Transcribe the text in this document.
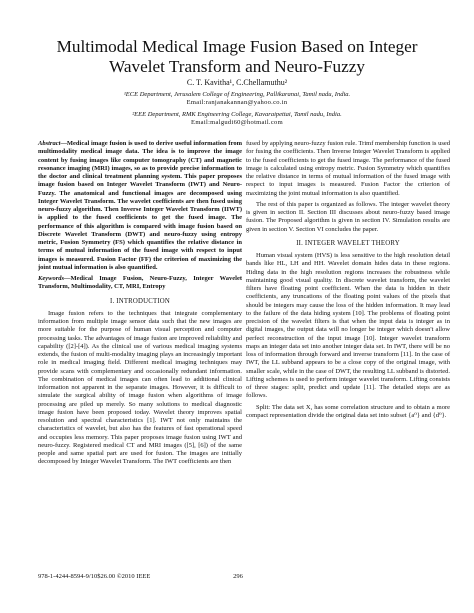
Multimodal Medical Image Fusion Based on Integer
Wavelet Transform and Neuro-Fuzzy
C. T. Kavitha¹, C.Chellamuthu²
¹ECE Department, Jerusalem College of Engineering, Pallikaranai, Tamil nadu, India.
Email:ranjanakannan@yahoo.co.in
²EEE Department, RMK Engineering College, Kavaraipettai, Tamil nadu, India.
Email:malgudi60@hotmail.com

Abstract—Medical image fusion is used to derive useful information from multimodality medical image data. The idea is to improve the image content by fusing images like computer tomography (CT) and magnetic resonance imaging (MRI) images, so as to provide precise information to the doctor and clinical treatment planning system. This paper proposes image fusion based on Integer Wavelet Transform (IWT) and Neuro-Fuzzy. The anatomical and functional images are decomposed using Integer Wavelet Transform. The wavelet coefficients are then fused using neuro-fuzzy algorithm. Then Inverse Integer Wavelet Transform (IIWT) is applied to the fused coefficients to get the fused image. The performance of this algorithm is compared with image fusion based on Discrete Wavelet Transform (DWT) and neuro-fuzzy using entropy metric, Fusion Symmetry (FS) which quantifies the relative distance in terms of mutual information of the fused image with respect to input images is measured. Fusion Factor (FF) the criterion of maximizing the joint mutual information is also quantified.

Keywords—Medical Image Fusion, Neuro-Fuzzy, Integer Wavelet Transform, Multimodality, CT, MRI, Entropy

I. INTRODUCTION

Image fusion refers to the techniques that integrate complementary information from multiple image sensor data such that the new images are more suitable for the purpose of human visual perception and computer processing tasks. The advantages of image fusion are improved reliability and capability ([2]-[4]). As the clinical use of various medical imaging systems extends, the fusion of multi-modality imaging plays an increasingly important role in medical imaging field. Different medical imaging techniques may provide scans with complementary and occasionally redundant information. The combination of medical images can often lead to additional clinical information not apparent in the separate images. However, it is difficult to simulate the surgical ability of image fusion when algorithms of image processing are piled up merely. So many solutions to medical diagnostic image fusion have been proposed today. Wavelet theory improves spatial resolution and spectral characteristics [1]. IWT not only maintains the characteristics of wavelet, but also has the features of fast operational speed and occupies less memory. This paper proposes image fusion using IWT and neuro-fuzzy. Registered medical CT and MRI images ([5], [6]) of the same people and same spatial part are used for fusion. The images are initially decomposed by Integer Wavelet Transform. The IWT coefficients are then

fused by applying neuro-fuzzy fusion rule. Trimf membership function is used for fusing the coefficients. Then Inverse Integer Wavelet Transform is applied to the fused coefficients to get the fused image. The performance of the fused image is calculated using entropy metric. Fusion Symmetry which quantifies the relative distance in terms of mutual information of the fused image with respect to input images is measured. Fusion Factor the criterion of maximizing the joint mutual information is also quantified.

The rest of this paper is organized as follows. The integer wavelet theory is given in section II. Section III discusses about neuro-fuzzy based image fusion. The Proposed algorithm is given in section IV. Simulation results are given in section V. Section VI concludes the paper.

II. INTEGER WAVELET THEORY

Human visual system (HVS) is less sensitive to the high resolution detail bands like HL, LH and HH. Wavelet domain hides data in these regions. Hiding data in the high resolution regions increases the robustness while maintaining good visual quality. In discrete wavelet transform, the wavelet filters have floating point coefficient. When the data is hidden in their coefficients, any truncations of the floating point values of the pixels that should be integers may cause the loss of the hidden information. It may lead to the failure of the data hiding system [10]. The problems of floating point precision of the wavelet filters is that when the input data is integer as in digital images, the output data will no longer be integer which doesn't allow perfect reconstruction of the input image [10]. Integer wavelet transform maps an integer data set into another integer data set. In IWT, there will be no loss of information through forward and inverse transform [11]. In the case of IWT, the LL subband appears to be a close copy of the original image, with smaller scale, while in the case of DWT, the resulting LL subband is distorted. Lifting schemes is used to perform integer wavelet transform. Lifting consists of three stages: split, predict and update [11]. The detailed steps are as follows.

Split: The data set X, has some correlation structure and to obtain a more compact representation divide the original data set into subset {a⁰} and {d⁰}.

978-1-4244-8594-9/10$26.00 ©2010 IEEE	296
